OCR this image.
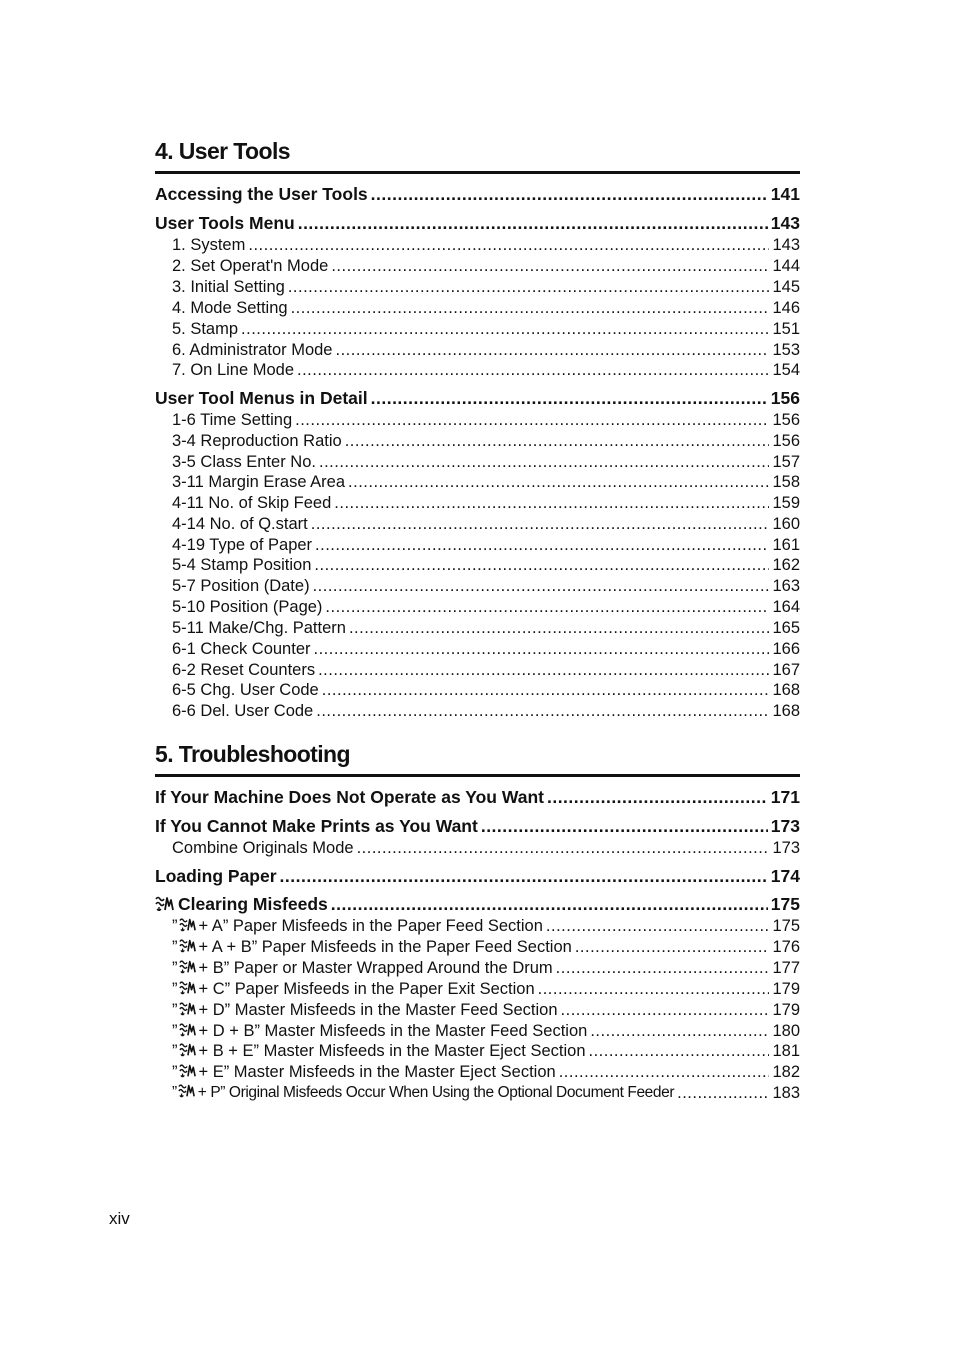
4. User Tools
Accessing the User Tools .....	141
User Tools Menu .....	143
1. System .....	143
2. Set Operat'n Mode .....	144
3. Initial Setting .....	145
4. Mode Setting .....	146
5. Stamp .....	151
6. Administrator Mode .....	153
7. On Line Mode .....	154
User Tool Menus in Detail .....	156
1-6 Time Setting .....	156
3-4 Reproduction Ratio .....	156
3-5 Class Enter No. .....	157
3-11 Margin Erase Area .....	158
4-11 No. of Skip Feed .....	159
4-14 No. of Q.start .....	160
4-19 Type of Paper .....	161
5-4 Stamp Position .....	162
5-7 Position (Date) .....	163
5-10 Position (Page) .....	164
5-11 Make/Chg. Pattern .....	165
6-1 Check Counter .....	166
6-2 Reset Counters .....	167
6-5 Chg. User Code .....	168
6-6 Del. User Code .....	168
5. Troubleshooting
If Your Machine Does Not Operate as You Want .....	171
If You Cannot Make Prints as You Want .....	173
Combine Originals Mode .....	173
Loading Paper .....	174
Clearing Misfeeds .....	175
” + A” Paper Misfeeds in the Paper Feed Section .....	175
” + A + B” Paper Misfeeds in the Paper Feed Section .....	176
” + B” Paper or Master Wrapped Around the Drum .....	177
” + C” Paper Misfeeds in the Paper Exit Section .....	179
” + D” Master Misfeeds in the Master Feed Section .....	179
” + D + B” Master Misfeeds in the Master Feed Section .....	180
” + B + E” Master Misfeeds in the Master Eject Section .....	181
” + E” Master Misfeeds in the Master Eject Section .....	182
” + P” Original Misfeeds Occur When Using the Optional Document Feeder .....	183
xiv
